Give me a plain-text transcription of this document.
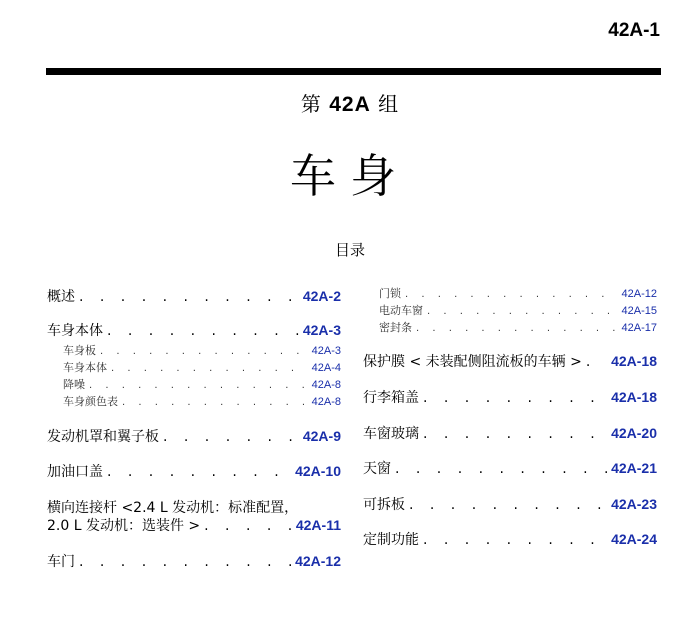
42A-1
第 42A 组
车身
目录
概述 . . .	42A-2
车身本体 . . .	42A-3
车身板 . . .	42A-3
车身本体 . . .	42A-4
降噪 . . .	42A-8
车身颜色表 . . .	42A-8
发动机罩和翼子板 . . .	42A-9
加油口盖 . . .	42A-10
横向连接杆 <2.4 L 发动机：标准配置，
2.0 L 发动机：选装件 > . . .	42A-11
车门 . . .	42A-12
门锁 . . .	42A-12
电动车窗 . . .	42A-15
密封条 . . .	42A-17
保护膜 < 未装配侧阻流板的车辆 > . . . 42A-18
行李箱盖 . . .	42A-18
车窗玻璃 . . .	42A-20
天窗 . . .	42A-21
可拆板 . . .	42A-23
定制功能 . . .	42A-24
